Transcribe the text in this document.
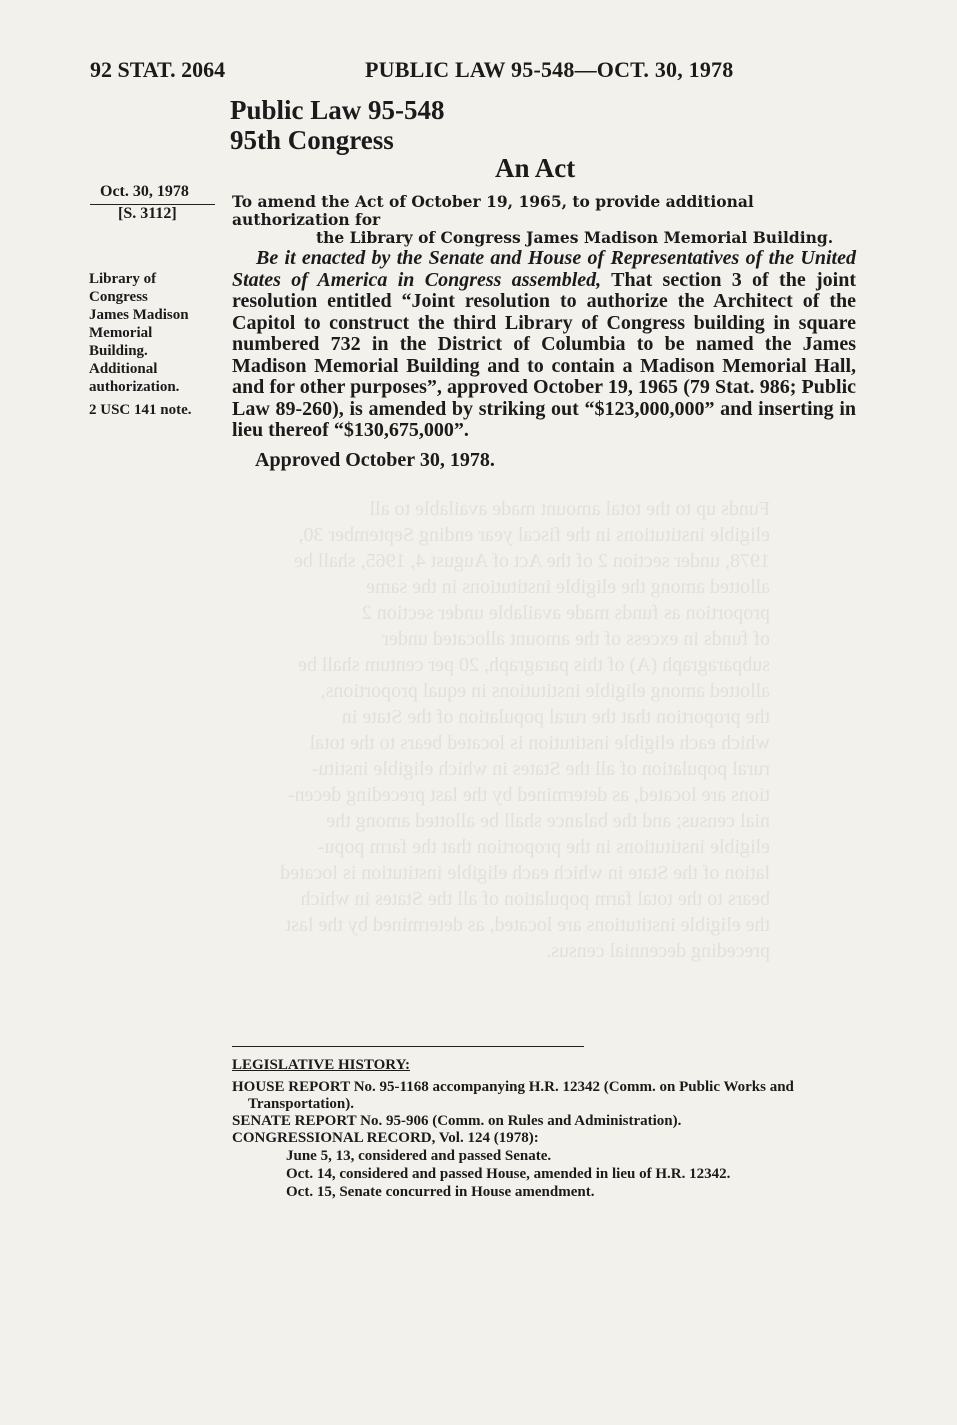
Funds up to the total amount made available to all
eligible institutions in the fiscal year ending September 30,
1978, under section 2 of the Act of August 4, 1965, shall be
allotted among the eligible institutions in the same
proportion as funds made available under section 2
of funds in excess of the amount allocated under
subparagraph (A) of this paragraph, 20 per centum shall be
allotted among eligible institutions in equal proportions,
the proportion that the rural population of the State in
which each eligible institution is located bears to the total
rural population of all the States in which eligible institu-
tions are located, as determined by the last preceding decen-
nial census; and the balance shall be allotted among the
eligible institutions in the proportion that the farm popu-
lation of the State in which each eligible institution is located
bears to the total farm population of all the States in which
the eligible institutions are located, as determined by the last
preceding decennial census.

92 STAT. 2064	PUBLIC LAW 95-548—OCT. 30, 1978
Public Law 95-548
95th Congress
An Act
Oct. 30, 1978
[S. 3112]
To amend the Act of October 19, 1965, to provide additional authorization for
the Library of Congress James Madison Memorial Building.
Library of
Congress
James Madison
Memorial
Building.
Additional
authorization.
2 USC 141 note.
Be it enacted by the Senate and House of Representatives of the United States of America in Congress assembled, That section 3 of the joint resolution entitled “Joint resolution to authorize the Architect of the Capitol to construct the third Library of Congress building in square numbered 732 in the District of Columbia to be named the James Madison Memorial Building and to contain a Madison Memorial Hall, and for other purposes”, approved October 19, 1965 (79 Stat. 986; Public Law 89-260), is amended by striking out “$123,000,000” and inserting in lieu thereof “$130,675,000”.
Approved October 30, 1978.
LEGISLATIVE HISTORY:
HOUSE REPORT No. 95-1168 accompanying H.R. 12342 (Comm. on Public Works and Transportation).
SENATE REPORT No. 95-906 (Comm. on Rules and Administration).
CONGRESSIONAL RECORD, Vol. 124 (1978):
June 5, 13, considered and passed Senate.
Oct. 14, considered and passed House, amended in lieu of H.R. 12342.
Oct. 15, Senate concurred in House amendment.
